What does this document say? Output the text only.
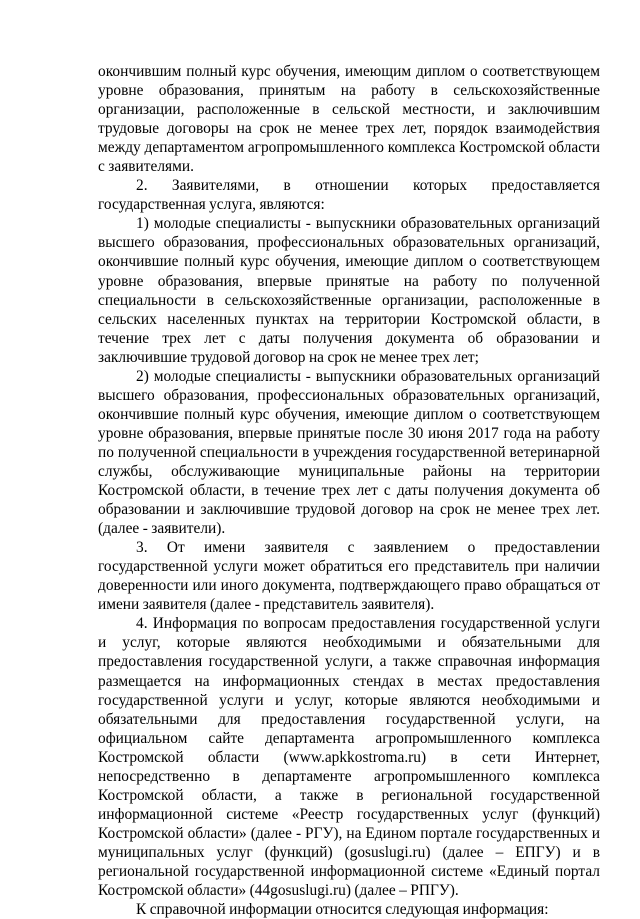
окончившим полный курс обучения, имеющим диплом о соответствующем уровне образования, принятым на работу в сельскохозяйственные организации, расположенные в сельской местности, и заключившим трудовые договоры на срок не менее трех лет, порядок взаимодействия между департаментом агропромышленного комплекса Костромской области с заявителями.

2. Заявителями, в отношении которых предоставляется государственная услуга, являются:

1) молодые специалисты - выпускники образовательных организаций высшего образования, профессиональных образовательных организаций, окончившие полный курс обучения, имеющие диплом о соответствующем уровне образования, впервые принятые на работу по полученной специальности в сельскохозяйственные организации, расположенные в сельских населенных пунктах на территории Костромской области, в течение трех лет с даты получения документа об образовании и заключившие трудовой договор на срок не менее трех лет;

2) молодые специалисты - выпускники образовательных организаций высшего образования, профессиональных образовательных организаций, окончившие полный курс обучения, имеющие диплом о соответствующем уровне образования, впервые принятые после 30 июня 2017 года на работу по полученной специальности в учреждения государственной ветеринарной службы, обслуживающие муниципальные районы на территории Костромской области, в течение трех лет с даты получения документа об образовании и заключившие трудовой договор на срок не менее трех лет. (далее - заявители).

3. От имени заявителя с заявлением о предоставлении государственной услуги может обратиться его представитель при наличии доверенности или иного документа, подтверждающего право обращаться от имени заявителя (далее - представитель заявителя).

4. Информация по вопросам предоставления государственной услуги и услуг, которые являются необходимыми и обязательными для предоставления государственной услуги, а также справочная информация размещается на информационных стендах в местах предоставления государственной услуги и услуг, которые являются необходимыми и обязательными для предоставления государственной услуги, на официальном сайте департамента агропромышленного комплекса Костромской области (www.apkkostroma.ru) в сети Интернет, непосредственно в департаменте агропромышленного комплекса Костромской области, а также в региональной государственной информационной системе «Реестр государственных услуг (функций) Костромской области» (далее - РГУ), на Едином портале государственных и муниципальных услуг (функций) (gosuslugi.ru) (далее – ЕПГУ) и в региональной государственной информационной системе «Единый портал Костромской области» (44gosuslugi.ru) (далее – РПГУ).

К справочной информации относится следующая информация:
